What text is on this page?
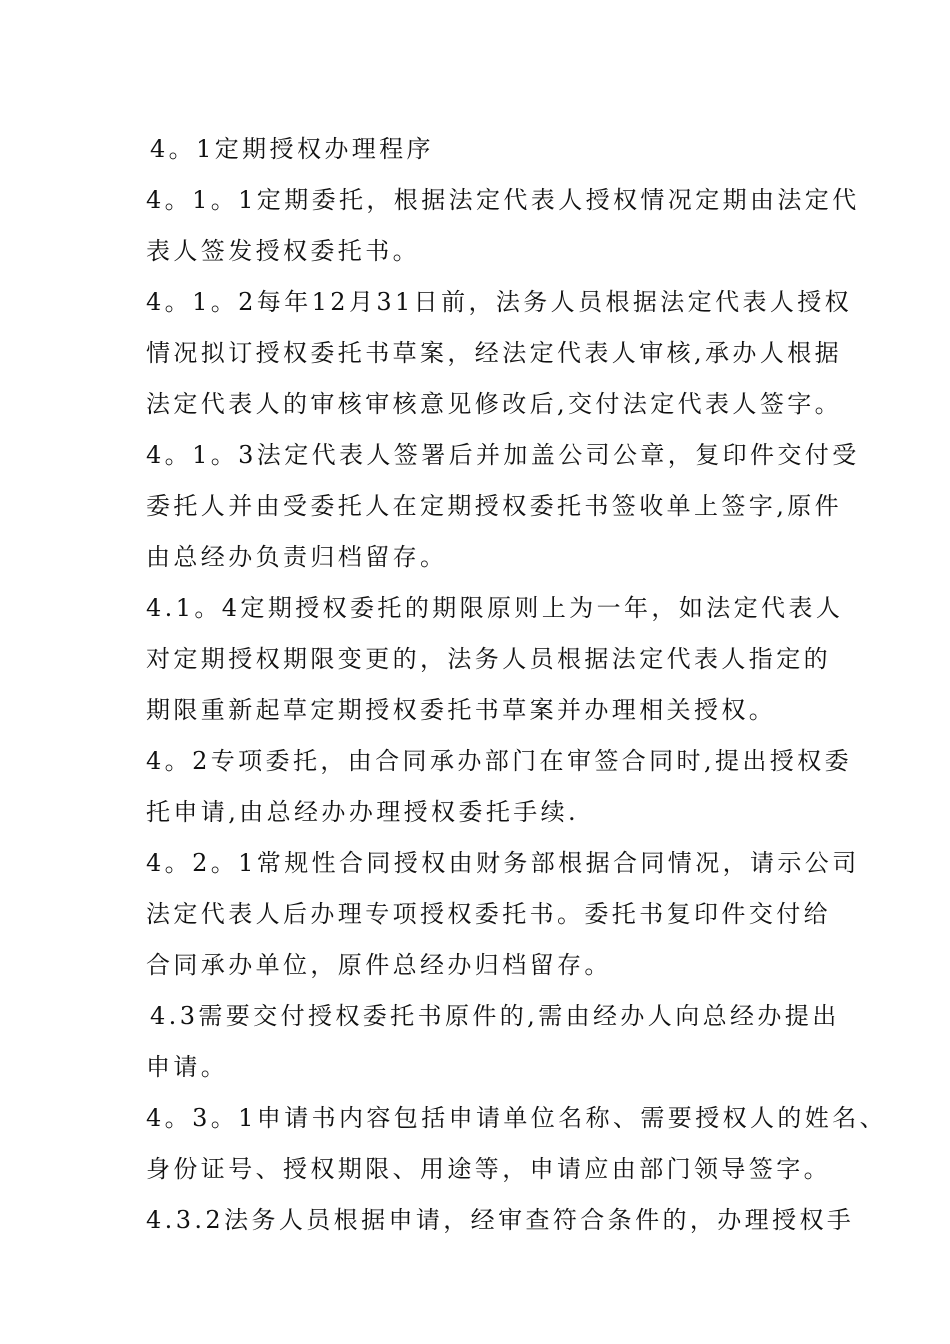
4。1定期授权办理程序
4。1。1定期委托，根据法定代表人授权情况定期由法定代
表人签发授权委托书。
4。1。2每年12月31日前，法务人员根据法定代表人授权
情况拟订授权委托书草案，经法定代表人审核,承办人根据
法定代表人的审核审核意见修改后,交付法定代表人签字。
4。1。3法定代表人签署后并加盖公司公章，复印件交付受
委托人并由受委托人在定期授权委托书签收单上签字,原件
由总经办负责归档留存。
4.1。4定期授权委托的期限原则上为一年，如法定代表人
对定期授权期限变更的，法务人员根据法定代表人指定的
期限重新起草定期授权委托书草案并办理相关授权。
4。2专项委托，由合同承办部门在审签合同时,提出授权委
托申请,由总经办办理授权委托手续.
4。2。1常规性合同授权由财务部根据合同情况，请示公司
法定代表人后办理专项授权委托书。委托书复印件交付给
合同承办单位，原件总经办归档留存。
4.3需要交付授权委托书原件的,需由经办人向总经办提出
申请。
4。3。1申请书内容包括申请单位名称、需要授权人的姓名、
身份证号、授权期限、用途等，申请应由部门领导签字。
4.3.2法务人员根据申请，经审查符合条件的，办理授权手
